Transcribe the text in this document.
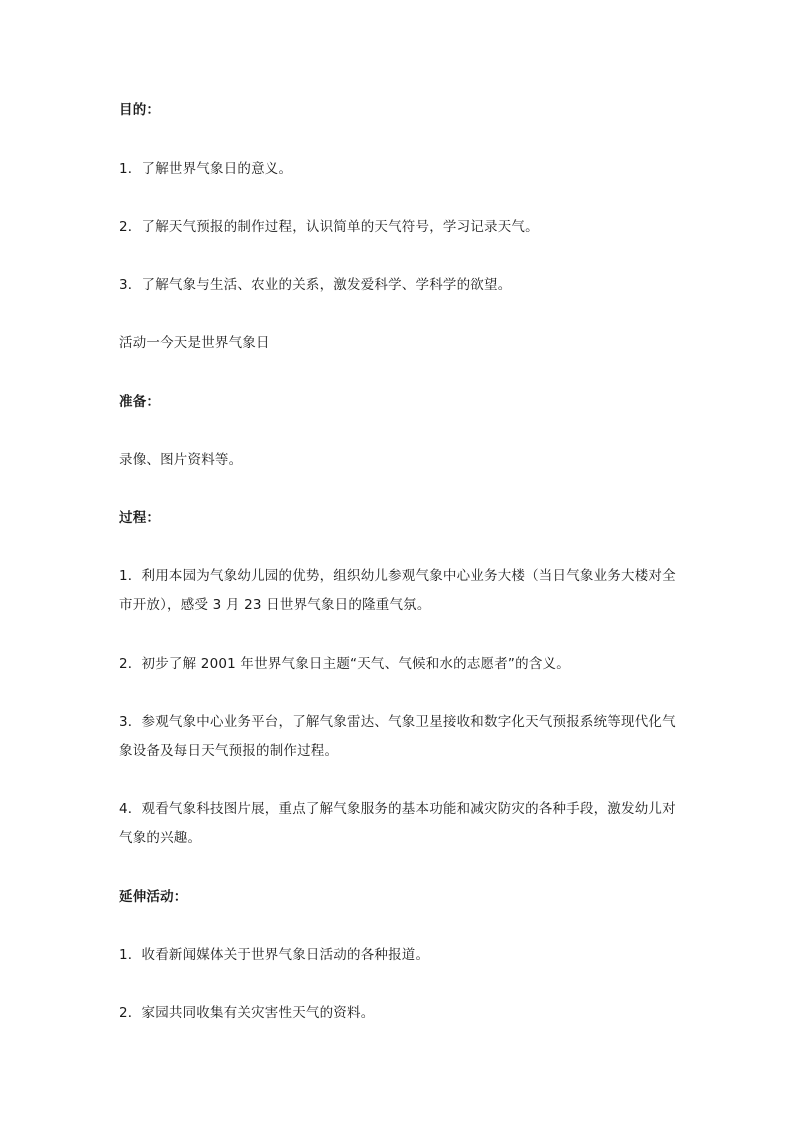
目的：
1．了解世界气象日的意义。
2．了解天气预报的制作过程，认识简单的天气符号，学习记录天气。
3．了解气象与生活、农业的关系，激发爱科学、学科学的欲望。
活动一今天是世界气象日
准备：
录像、图片资料等。
过程：
1．利用本园为气象幼儿园的优势，组织幼儿参观气象中心业务大楼（当日气象业务大楼对全市开放），感受 3 月 23 日世界气象日的隆重气氛。
2．初步了解 2001 年世界气象日主题“天气、气候和水的志愿者”的含义。
3．参观气象中心业务平台，了解气象雷达、气象卫星接收和数字化天气预报系统等现代化气象设备及每日天气预报的制作过程。
4．观看气象科技图片展，重点了解气象服务的基本功能和减灾防灾的各种手段，激发幼儿对气象的兴趣。
延伸活动：
1．收看新闻媒体关于世界气象日活动的各种报道。
2．家园共同收集有关灾害性天气的资料。
